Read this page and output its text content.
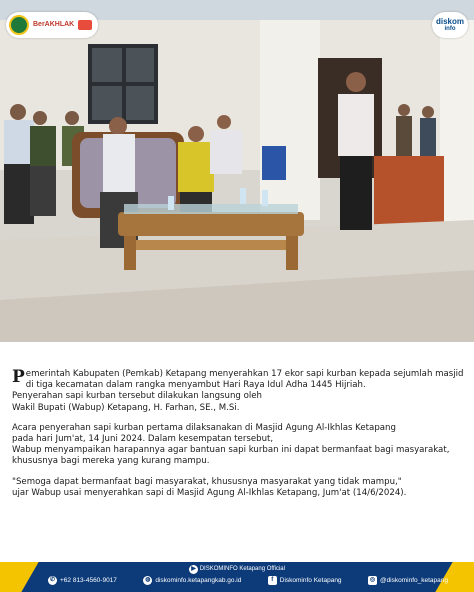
BerAKHLAK	diskom
info

Pemerintah Kabupaten (Pemkab) Ketapang menyerahkan 17 ekor sapi kurban kepada sejumlah masjid

di tiga kecamatan dalam rangka menyambut Hari Raya Idul Adha 1445 Hijriah.

Penyerahan sapi kurban tersebut dilakukan langsung oleh

Wakil Bupati (Wabup) Ketapang, H. Farhan, SE., M.Si.

Acara penyerahan sapi kurban pertama dilaksanakan di Masjid Agung Al-Ikhlas Ketapang

pada hari Jum'at, 14 Juni 2024. Dalam kesempatan tersebut,

Wabup menyampaikan harapannya agar bantuan sapi kurban ini dapat bermanfaat bagi masyarakat,

khususnya bagi mereka yang kurang mampu.

"Semoga dapat bermanfaat bagi masyarakat, khususnya masyarakat yang tidak mampu,"

ujar Wabup usai menyerahkan sapi di Masjid Agung Al-Ikhlas Ketapang, Jum'at (14/6/2024).

▶ DISKOMINFO Ketapang Official
✆ +62 813-4560-9017	◍ diskominfo.ketapangkab.go.id	f	Diskominfo Ketapang	◎ @diskominfo_ketapang
